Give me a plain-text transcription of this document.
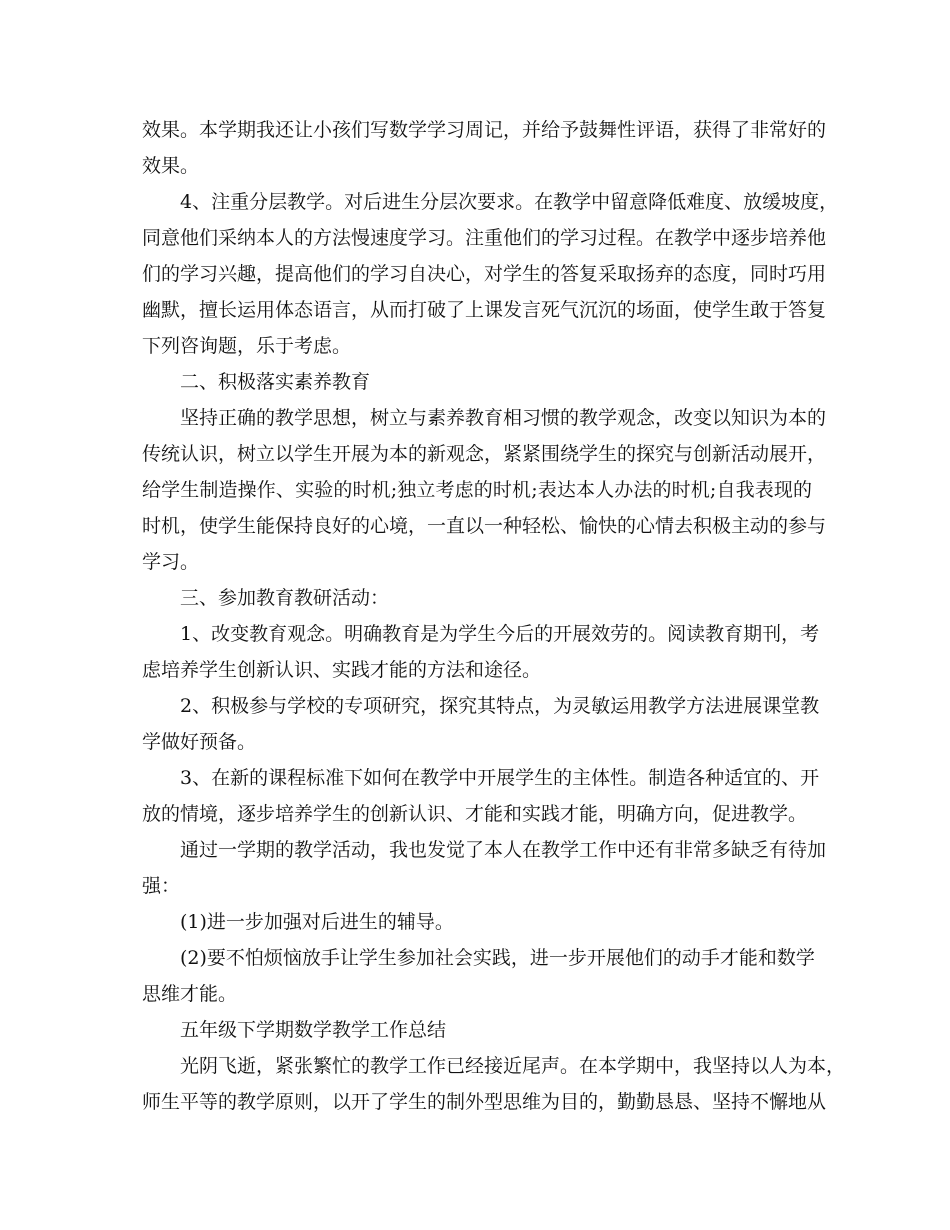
效果。本学期我还让小孩们写数学学习周记，并给予鼓舞性评语，获得了非常好的
效果。
4、注重分层教学。对后进生分层次要求。在教学中留意降低难度、放缓坡度，
同意他们采纳本人的方法慢速度学习。注重他们的学习过程。在教学中逐步培养他
们的学习兴趣，提高他们的学习自决心，对学生的答复采取扬弃的态度，同时巧用
幽默，擅长运用体态语言，从而打破了上课发言死气沉沉的场面，使学生敢于答复
下列咨询题，乐于考虑。
二、积极落实素养教育
坚持正确的教学思想，树立与素养教育相习惯的教学观念，改变以知识为本的
传统认识，树立以学生开展为本的新观念，紧紧围绕学生的探究与创新活动展开，
给学生制造操作、实验的时机;独立考虑的时机;表达本人办法的时机;自我表现的
时机，使学生能保持良好的心境，一直以一种轻松、愉快的心情去积极主动的参与
学习。
三、参加教育教研活动：
1、改变教育观念。明确教育是为学生今后的开展效劳的。阅读教育期刊，考
虑培养学生创新认识、实践才能的方法和途径。
2、积极参与学校的专项研究，探究其特点，为灵敏运用教学方法进展课堂教
学做好预备。
3、在新的课程标准下如何在教学中开展学生的主体性。制造各种适宜的、开
放的情境，逐步培养学生的创新认识、才能和实践才能，明确方向，促进教学。
通过一学期的教学活动，我也发觉了本人在教学工作中还有非常多缺乏有待加
强：
(1)进一步加强对后进生的辅导。
(2)要不怕烦恼放手让学生参加社会实践，进一步开展他们的动手才能和数学
思维才能。
五年级下学期数学教学工作总结
光阴飞逝，紧张繁忙的教学工作已经接近尾声。在本学期中，我坚持以人为本，
师生平等的教学原则，以开了学生的制外型思维为目的，勤勤恳恳、坚持不懈地从
